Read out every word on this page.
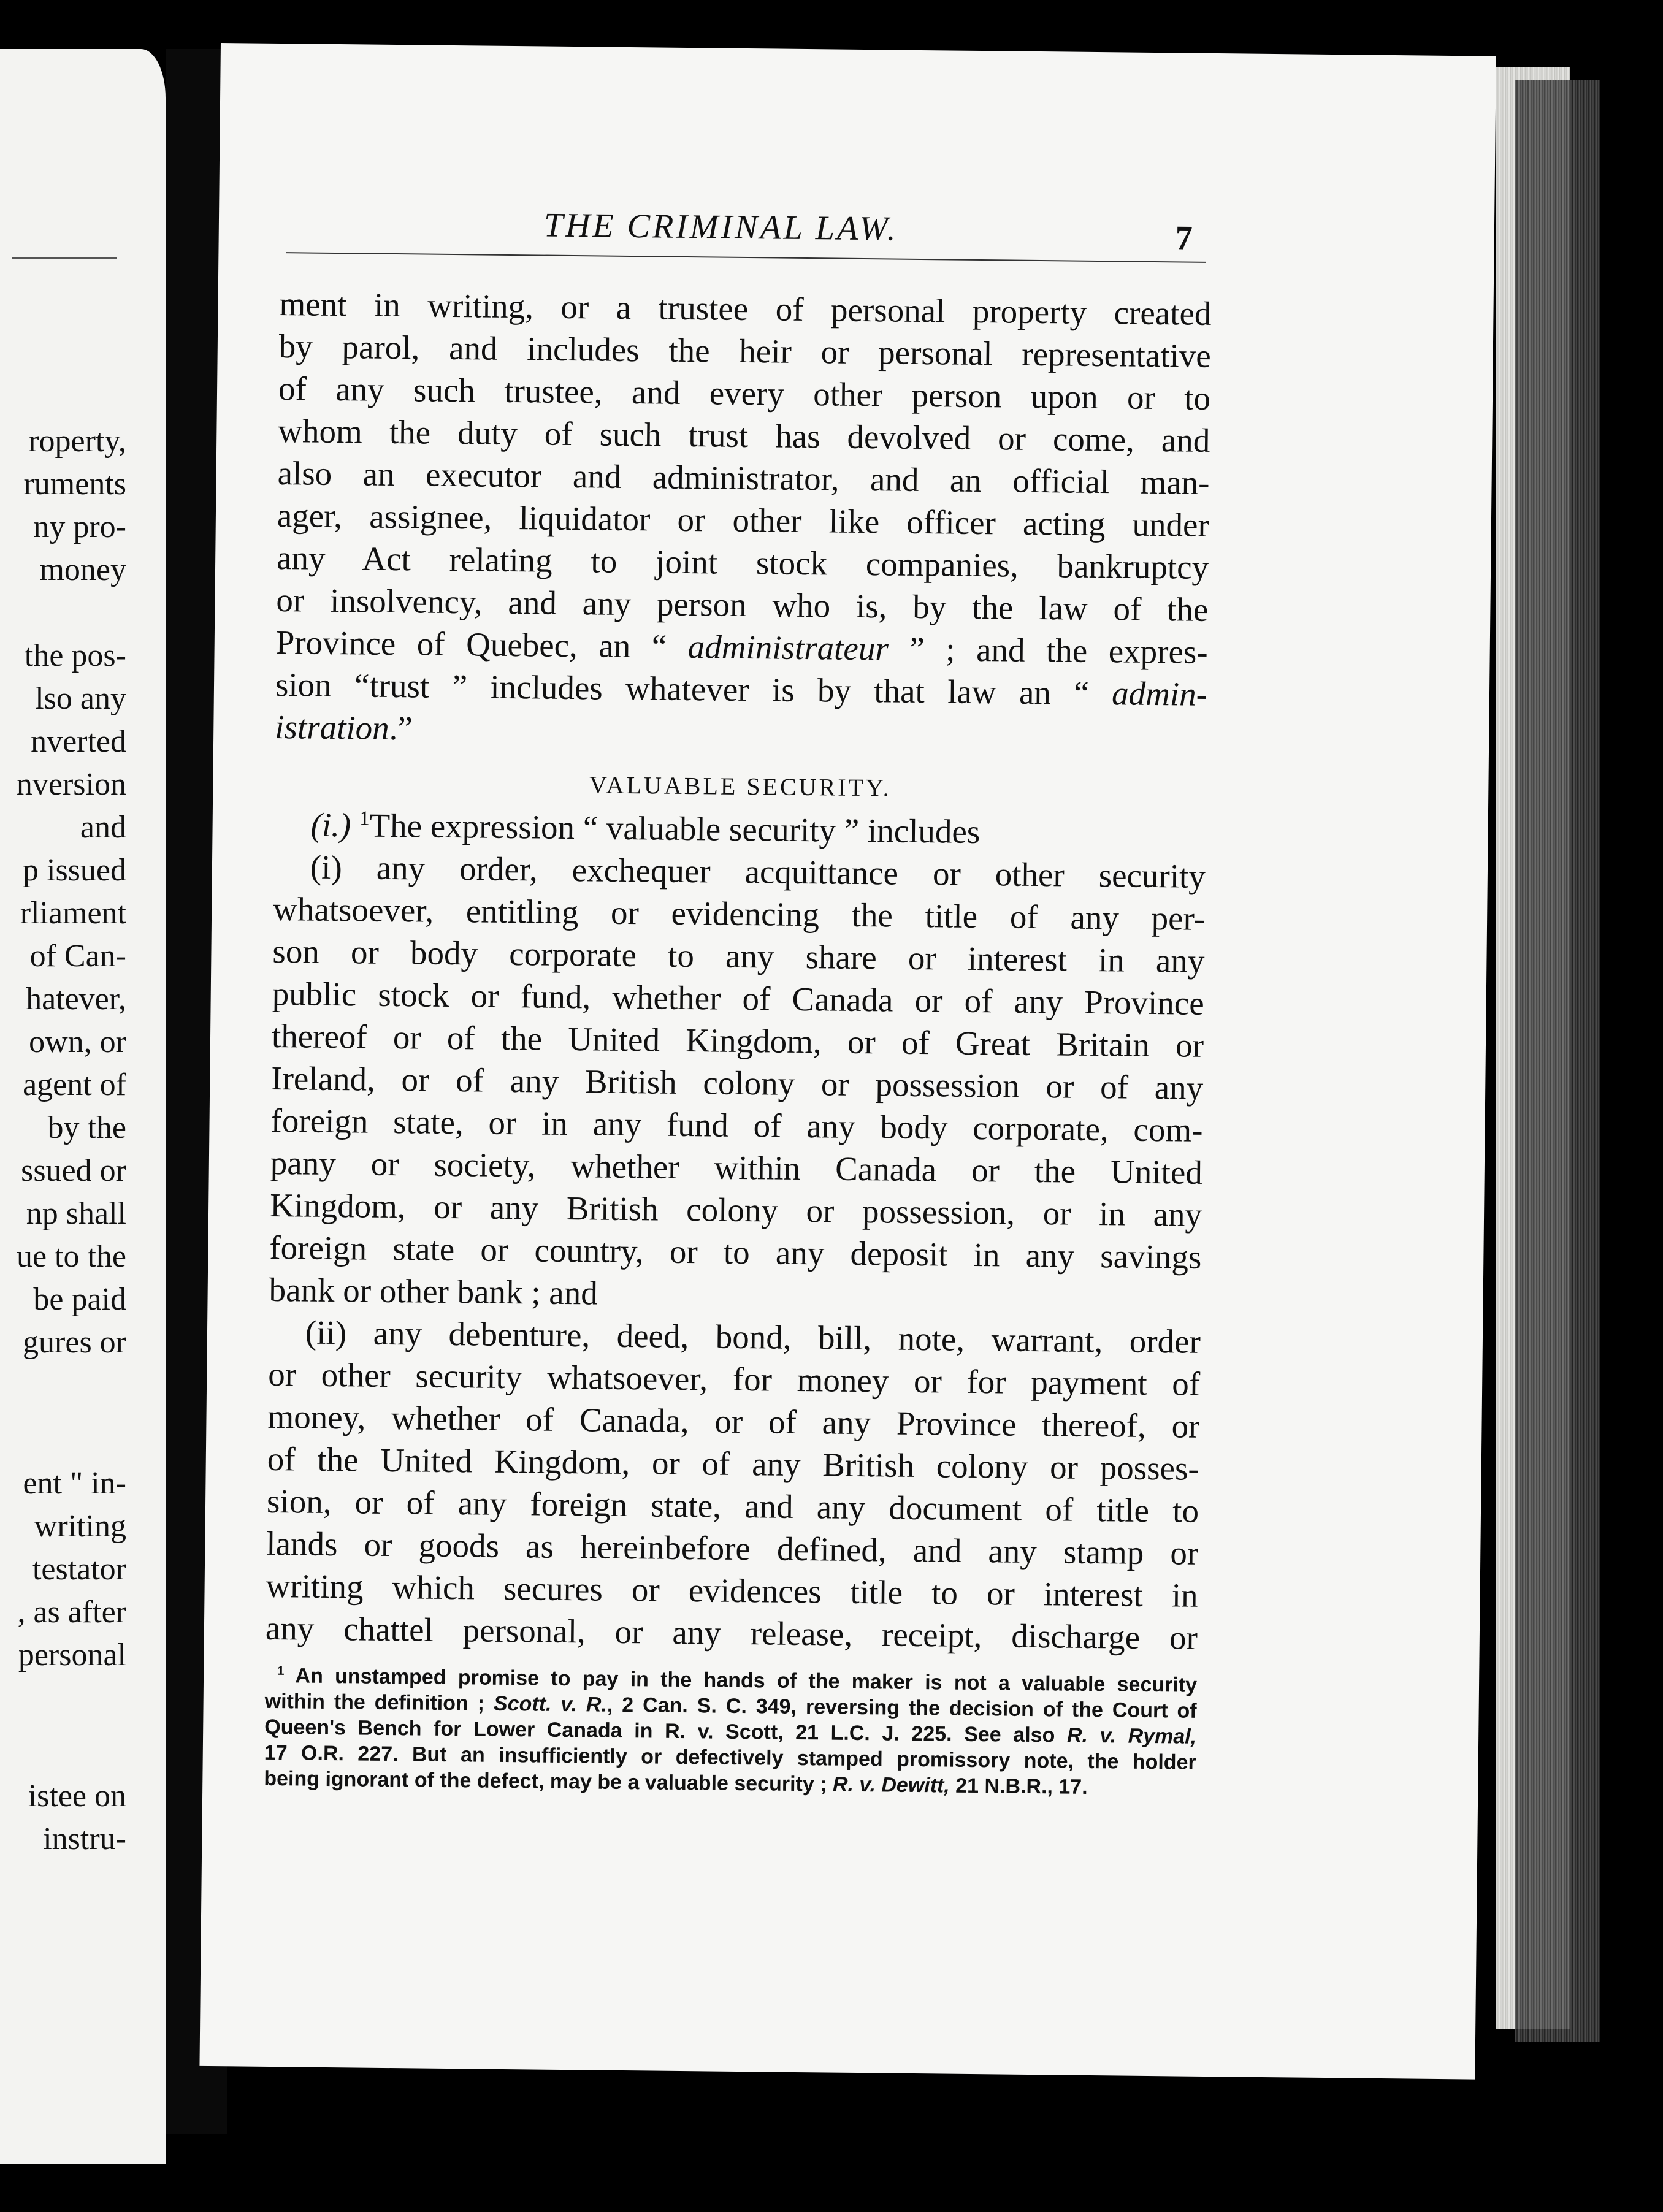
roperty,
ruments
ny pro-
money
the pos-
lso any
nverted
nversion
and
p issued
rliament
of Can-
hatever,
own, or
agent of
by the
ssued or
np shall
ue to the
be paid
gures or
ent " in-
writing
testator
, as after
personal
istee on
instru-
THE CRIMINAL LAW.	7
ment in writing, or a trustee of personal property created
by parol, and includes the heir or personal representative
of any such trustee, and every other person upon or to
whom the duty of such trust has devolved or come, and
also an executor and administrator, and an official man-
ager, assignee, liquidator or other like officer acting under
any Act relating to joint stock companies, bankruptcy
or insolvency, and any person who is, by the law of the
Province of Quebec, an “ administrateur ” ; and the expres-
sion “trust ” includes whatever is by that law an “ admin-
istration.”
VALUABLE SECURITY.
(i.) $^1$The expression “ valuable security ” includes
(i) any order, exchequer acquittance or other security
whatsoever, entitling or evidencing the title of any per-
son or body corporate to any share or interest in any
public stock or fund, whether of Canada or of any Province
thereof or of the United Kingdom, or of Great Britain or
Ireland, or of any British colony or possession or of any
foreign state, or in any fund of any body corporate, com-
pany or society, whether within Canada or the United
Kingdom, or any British colony or possession, or in any
foreign state or country, or to any deposit in any savings
bank or other bank ; and
(ii) any debenture, deed, bond, bill, note, warrant, order
or other security whatsoever, for money or for payment of
money, whether of Canada, or of any Province thereof, or
of the United Kingdom, or of any British colony or posses-
sion, or of any foreign state, and any document of title to
lands or goods as hereinbefore defined, and any stamp or
writing which secures or evidences title to or interest in
any chattel personal, or any release, receipt, discharge or
$^1$ An unstamped promise to pay in the hands of the maker is not a valuable security
within the definition ; Scott. v. R., 2 Can. S. C. 349, reversing the decision of the Court of
Queen's Bench for Lower Canada in R. v. Scott, 21 L.C. J. 225. See also R. v. Rymal,
17 O.R. 227. But an insufficiently or defectively stamped promissory note, the holder
being ignorant of the defect, may be a valuable security ; R. v. Dewitt, 21 N.B.R., 17.
